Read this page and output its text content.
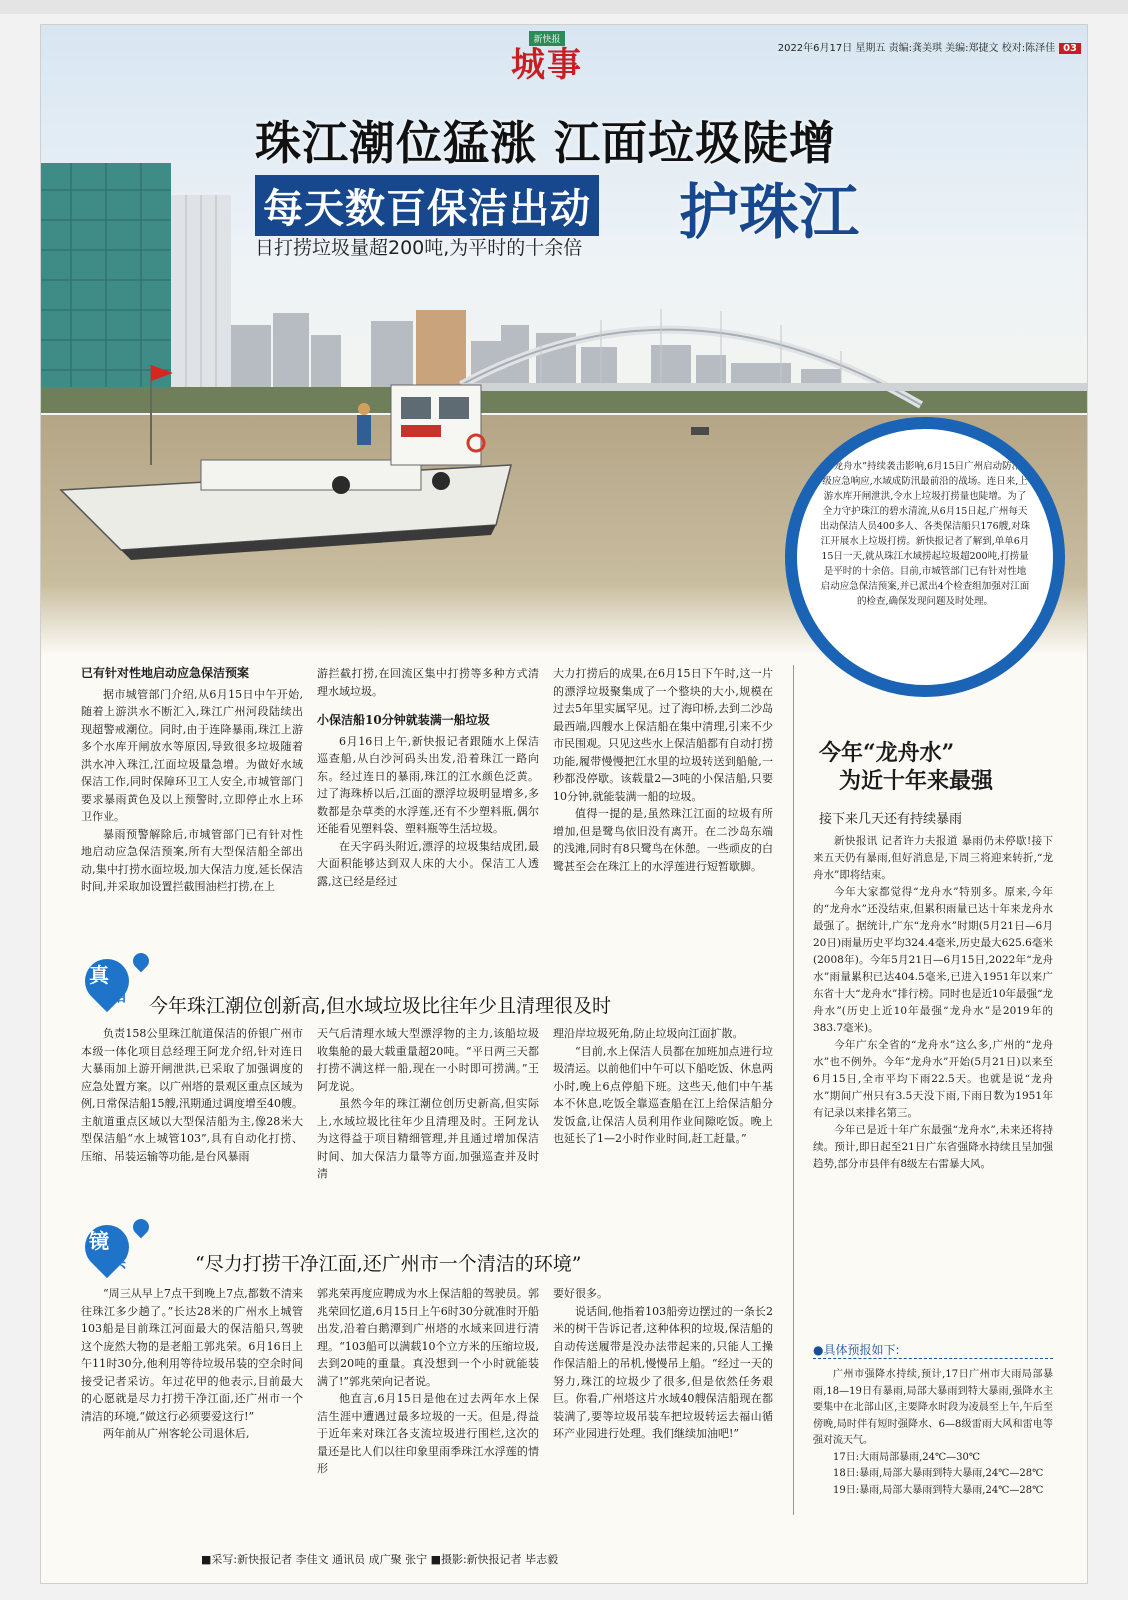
新快报
城事	2022年6月17日 星期五 责编:龚美琪 美编:郑捷文 校对:陈泽佳 03
珠江潮位猛涨 江面垃圾陡增
每天数百保洁出动 护珠江
日打捞垃圾量超200吨,为平时的十余倍
受“龙舟水”持续袭击影响,6月15日广州启动防汛二级应急响应,水域成防汛最前沿的战场。连日来,上游水库开闸泄洪,令水上垃圾打捞量也陡增。为了全力守护珠江的碧水清流,从6月15日起,广州每天出动保洁人员400多人、各类保洁船只176艘,对珠江开展水上垃圾打捞。新快报记者了解到,单单6月15日一天,就从珠江水域捞起垃圾超200吨,打捞量是平时的十余倍。目前,市城管部门已有针对性地启动应急保洁预案,并已派出4个检查组加强对江面的检查,确保发现问题及时处理。
已有针对性地启动应急保洁预案

据市城管部门介绍,从6月15日中午开始,随着上游洪水不断汇入,珠江广州河段陆续出现超警戒潮位。同时,由于连降暴雨,珠江上游多个水库开闸放水等原因,导致很多垃圾随着洪水冲入珠江,江面垃圾量急增。为做好水域保洁工作,同时保障环卫工人安全,市城管部门要求暴雨黄色及以上预警时,立即停止水上环卫作业。

暴雨预警解除后,市城管部门已有针对性地启动应急保洁预案,所有大型保洁船全部出动,集中打捞水面垃圾,加大保洁力度,延长保洁时间,并采取加设置拦截围油栏打捞,在上

游拦截打捞,在回流区集中打捞等多种方式清理水域垃圾。

小保洁船10分钟就装满一船垃圾

6月16日上午,新快报记者跟随水上保洁巡查船,从白沙河码头出发,沿着珠江一路向东。经过连日的暴雨,珠江的江水颜色泛黄。过了海珠桥以后,江面的漂浮垃圾明显增多,多数都是杂草类的水浮莲,还有不少塑料瓶,偶尔还能看见塑料袋、塑料瓶等生活垃圾。

在天字码头附近,漂浮的垃圾集结成团,最大面积能够达到双人床的大小。保洁工人透露,这已经是经过

大力打捞后的成果,在6月15日下午时,这一片的漂浮垃圾聚集成了一个整块的大小,规模在过去5年里实属罕见。过了海印桥,去到二沙岛最西端,四艘水上保洁船在集中清理,引来不少市民围观。只见这些水上保洁船都有自动打捞功能,履带慢慢把江水里的垃圾转送到船舱,一秒都没停歇。该载量2—3吨的小保洁船,只要10分钟,就能装满一船的垃圾。

值得一提的是,虽然珠江江面的垃圾有所增加,但是鹭鸟依旧没有离开。在二沙岛东端的浅滩,同时有8只鹭鸟在休憩。一些顽皮的白鹭甚至会在珠江上的水浮莲进行短暂歇脚。

真
相 今年珠江潮位创新高,但水域垃圾比往年少且清理很及时

负责158公里珠江航道保洁的侨银广州市本级一体化项目总经理王阿龙介绍,针对连日大暴雨加上游开闸泄洪,已采取了加强调度的应急处置方案。以广州塔的景观区重点区域为例,日常保洁船15艘,汛期通过调度增至40艘。主航道重点区域以大型保洁船为主,像28米大型保洁船“水上城管103”,具有自动化打捞、压缩、吊装运输等功能,是台风暴雨

天气后清理水域大型漂浮物的主力,该船垃圾收集舱的最大载重量超20吨。“平日两三天都打捞不满这样一船,现在一小时即可捞满。”王阿龙说。

虽然今年的珠江潮位创历史新高,但实际上,水域垃圾比往年少且清理及时。王阿龙认为这得益于项目精细管理,并且通过增加保洁时间、加大保洁力量等方面,加强巡查并及时清

理沿岸垃圾死角,防止垃圾向江面扩散。

“目前,水上保洁人员都在加班加点进行垃圾清运。以前他们中午可以下船吃饭、休息两小时,晚上6点停船下班。这些天,他们中午基本不休息,吃饭全靠巡查船在江上给保洁船分发饭盒,让保洁人员利用作业间隙吃饭。晚上也延长了1—2小时作业时间,赶工赶量。”

镜
头	“尽力打捞干净江面,还广州市一个清洁的环境”

“周三从早上7点干到晚上7点,都数不清来往珠江多少趟了。”长达28米的广州水上城管103船是目前珠江河面最大的保洁船只,驾驶这个庞然大物的是老船工郭兆荣。6月16日上午11时30分,他利用等待垃圾吊装的空余时间接受记者采访。年过花甲的他表示,目前最大的心愿就是尽力打捞干净江面,还广州市一个清洁的环境,“做这行必须要爱这行!”

两年前从广州客轮公司退休后,

郭兆荣再度应聘成为水上保洁船的驾驶员。郭兆荣回忆道,6月15日上午6时30分就准时开船出发,沿着白鹅潭到广州塔的水域来回进行清理。“103船可以满载10个立方米的压缩垃圾,去到20吨的重量。真没想到一个小时就能装满了!”郭兆荣向记者说。

他直言,6月15日是他在过去两年水上保洁生涯中遭遇过最多垃圾的一天。但是,得益于近年来对珠江各支流垃圾进行围栏,这次的量还是比人们以往印象里雨季珠江水浮莲的情形

要好很多。

说话间,他指着103船旁边摆过的一条长2米的树干告诉记者,这种体积的垃圾,保洁船的自动传送履带是没办法带起来的,只能人工操作保洁船上的吊机,慢慢吊上船。“经过一天的努力,珠江的垃圾少了很多,但是依然任务艰巨。你看,广州塔这片水域40艘保洁船现在都装满了,要等垃圾吊装车把垃圾转运去福山循环产业园进行处理。我们继续加油吧!”

今年“龙舟水”
为近十年来最强
接下来几天还有持续暴雨

新快报讯 记者许力夫报道 暴雨仍未停歇!接下来五天仍有暴雨,但好消息是,下周三将迎来转折,“龙舟水”即将结束。

今年大家都觉得“龙舟水”特别多。原来,今年的“龙舟水”还没结束,但累积雨量已达十年来龙舟水最强了。据统计,广东“龙舟水”时期(5月21日—6月20日)雨量历史平均324.4毫米,历史最大625.6毫米(2008年)。今年5月21日—6月15日,2022年“龙舟水”雨量累积已达404.5毫米,已进入1951年以来广东省十大“龙舟水”排行榜。同时也是近10年最强“龙舟水”(历史上近10年最强“龙舟水”是2019年的383.7毫米)。

今年广东全省的“龙舟水”这么多,广州的“龙舟水”也不例外。今年“龙舟水”开始(5月21日)以来至6月15日,全市平均下雨22.5天。也就是说“龙舟水”期间广州只有3.5天没下雨,下雨日数为1951年有记录以来排名第三。

今年已是近十年广东最强“龙舟水”,未来还将持续。预计,即日起至21日广东省强降水持续且呈加强趋势,部分市县伴有8级左右雷暴大风。

●具体预报如下:

广州市强降水持续,预计,17日广州市大雨局部暴雨,18—19日有暴雨,局部大暴雨到特大暴雨,强降水主要集中在北部山区,主要降水时段为凌晨至上午,午后至傍晚,局时伴有短时强降水、6—8级雷雨大风和雷电等强对流天气。

17日:大雨局部暴雨,24℃—30℃

18日:暴雨,局部大暴雨到特大暴雨,24℃—28℃

19日:暴雨,局部大暴雨到特大暴雨,24℃—28℃

■采写:新快报记者 李佳文 通讯员 成广聚 张宁 ■摄影:新快报记者 毕志毅
